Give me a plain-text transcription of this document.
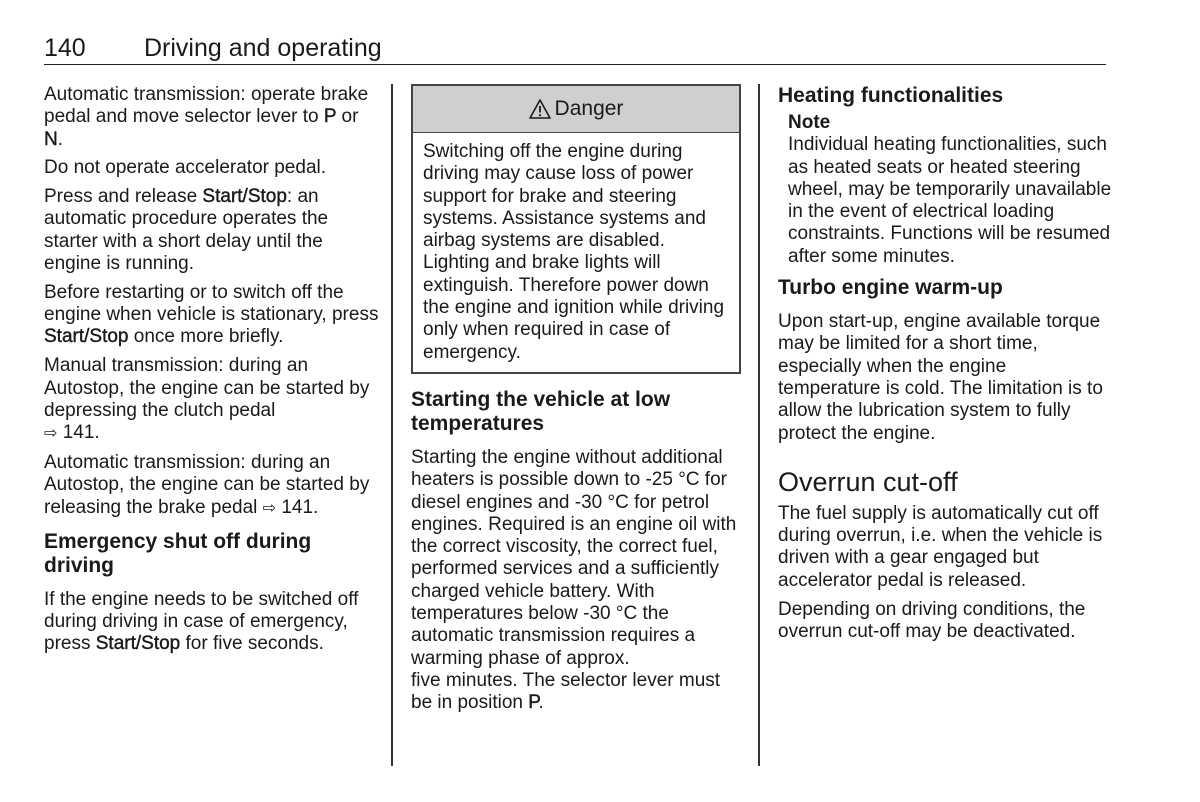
140 Driving and operating

Automatic transmission: operate brake pedal and move selector lever to P or N.

Do not operate accelerator pedal.

Press and release Start/Stop: an automatic procedure operates the starter with a short delay until the engine is running.

Before restarting or to switch off the engine when vehicle is stationary, press Start/Stop once more briefly.

Manual transmission: during an Autostop, the engine can be started by depressing the clutch pedal
⇨ 141.

Automatic transmission: during an Autostop, the engine can be started by releasing the brake pedal ⇨ 141.

Emergency shut off during driving

If the engine needs to be switched off during driving in case of emergency, press Start/Stop for five seconds.

Danger
Switching off the engine during driving may cause loss of power support for brake and steering systems. Assistance systems and airbag systems are disabled. Lighting and brake lights will extinguish. Therefore power down the engine and ignition while driving only when required in case of emergency.
Starting the vehicle at low temperatures

Starting the engine without additional heaters is possible down to -25 °C for diesel engines and -30 °C for petrol engines. Required is an engine oil with the correct viscosity, the correct fuel, performed services and a sufficiently charged vehicle battery. With temperatures below -30 °C the automatic transmission requires a warming phase of approx.

five minutes. The selector lever must be in position P.

Heating functionalities
Note
Individual heating functionalities, such as heated seats or heated steering wheel, may be temporarily unavailable in the event of electrical loading constraints. Functions will be resumed after some minutes.
Turbo engine warm-up

Upon start-up, engine available torque may be limited for a short time, especially when the engine temperature is cold. The limitation is to allow the lubrication system to fully protect the engine.

Overrun cut-off

The fuel supply is automatically cut off during overrun, i.e. when the vehicle is driven with a gear engaged but accelerator pedal is released.

Depending on driving conditions, the overrun cut-off may be deactivated.
